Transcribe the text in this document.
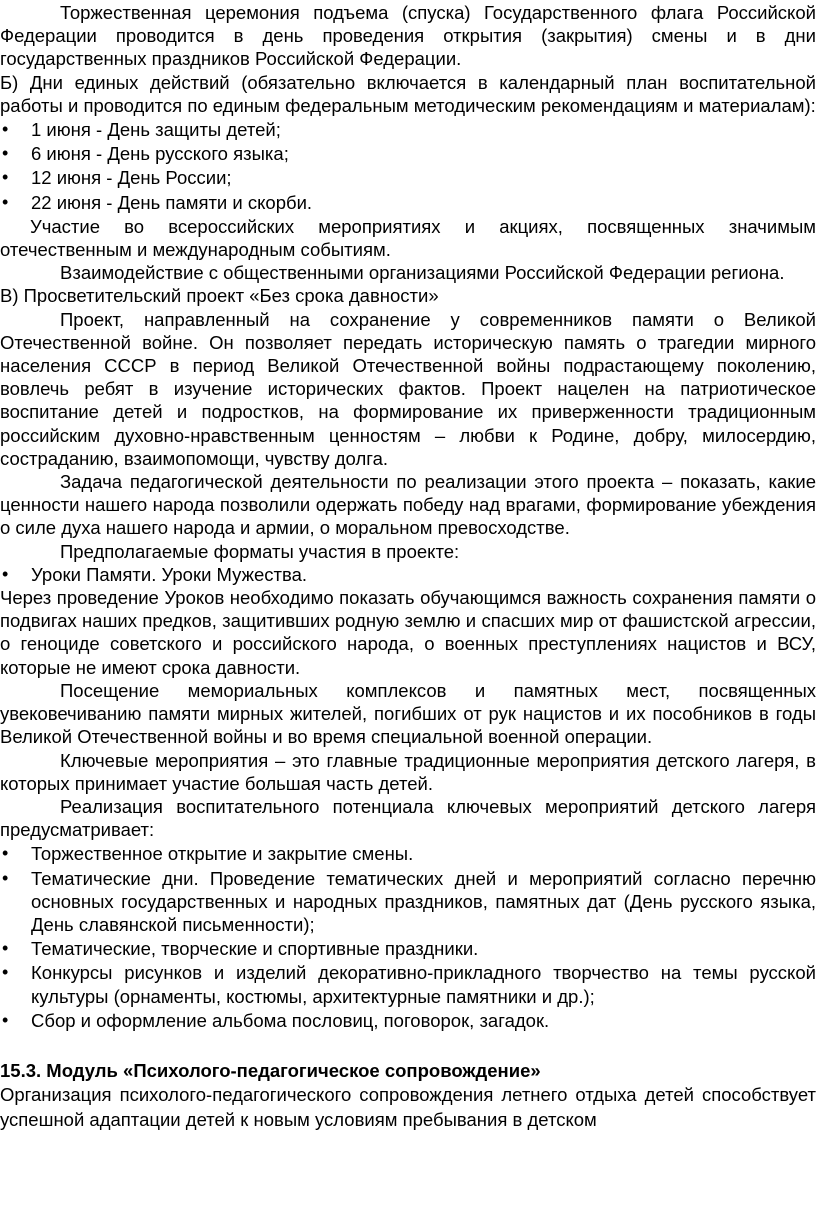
Торжественная церемония подъема (спуска) Государственного флага Российской Федерации проводится в день проведения открытия (закрытия) смены и в дни государственных праздников Российской Федерации.

Б) Дни единых действий (обязательно включается в календарный план воспитательной работы и проводится по единым федеральным методическим рекомендациям и материалам):

• 1 июня - День защиты детей;
• 6 июня - День русского языка;
• 12 июня - День России;
• 22 июня - День памяти и скорби.

Участие во всероссийских мероприятиях и акциях, посвященных значимым отечественным и международным событиям.

Взаимодействие с общественными организациями Российской Федерации региона.

В) Просветительский проект «Без срока давности»

Проект, направленный на сохранение у современников памяти о Великой Отечественной войне. Он позволяет передать историческую память о трагедии мирного населения СССР в период Великой Отечественной войны подрастающему поколению, вовлечь ребят в изучение исторических фактов. Проект нацелен на патриотическое воспитание детей и подростков, на формирование их приверженности традиционным российским духовно-нравственным ценностям – любви к Родине, добру, милосердию, состраданию, взаимопомощи, чувству долга.

Задача педагогической деятельности по реализации этого проекта – показать, какие ценности нашего народа позволили одержать победу над врагами, формирование убеждения о силе духа нашего народа и армии, о моральном превосходстве.

Предполагаемые форматы участия в проекте:

• Уроки Памяти. Уроки Мужества.

Через проведение Уроков необходимо показать обучающимся важность сохранения памяти о подвигах наших предков, защитивших родную землю и спасших мир от фашистской агрессии, о геноциде советского и российского народа, о военных преступлениях нацистов и ВСУ, которые не имеют срока давности.

Посещение мемориальных комплексов и памятных мест, посвященных увековечиванию памяти мирных жителей, погибших от рук нацистов и их пособников в годы Великой Отечественной войны и во время специальной военной операции.

Ключевые мероприятия – это главные традиционные мероприятия детского лагеря, в которых принимает участие большая часть детей.

Реализация воспитательного потенциала ключевых мероприятий детского лагеря предусматривает:

• Торжественное открытие и закрытие смены.
• Тематические дни. Проведение тематических дней и мероприятий согласно перечню основных государственных и народных праздников, памятных дат (День русского языка, День славянской письменности);
• Тематические, творческие и спортивные праздники.
• Конкурсы рисунков и изделий декоративно-прикладного творчество на темы русской культуры (орнаменты, костюмы, архитектурные памятники и др.);
• Сбор и оформление альбома пословиц, поговорок, загадок.

15.3. Модуль «Психолого-педагогическое сопровождение»

Организация психолого-педагогического сопровождения летнего отдыха детей способствует успешной адаптации детей к новым условиям пребывания в детском
